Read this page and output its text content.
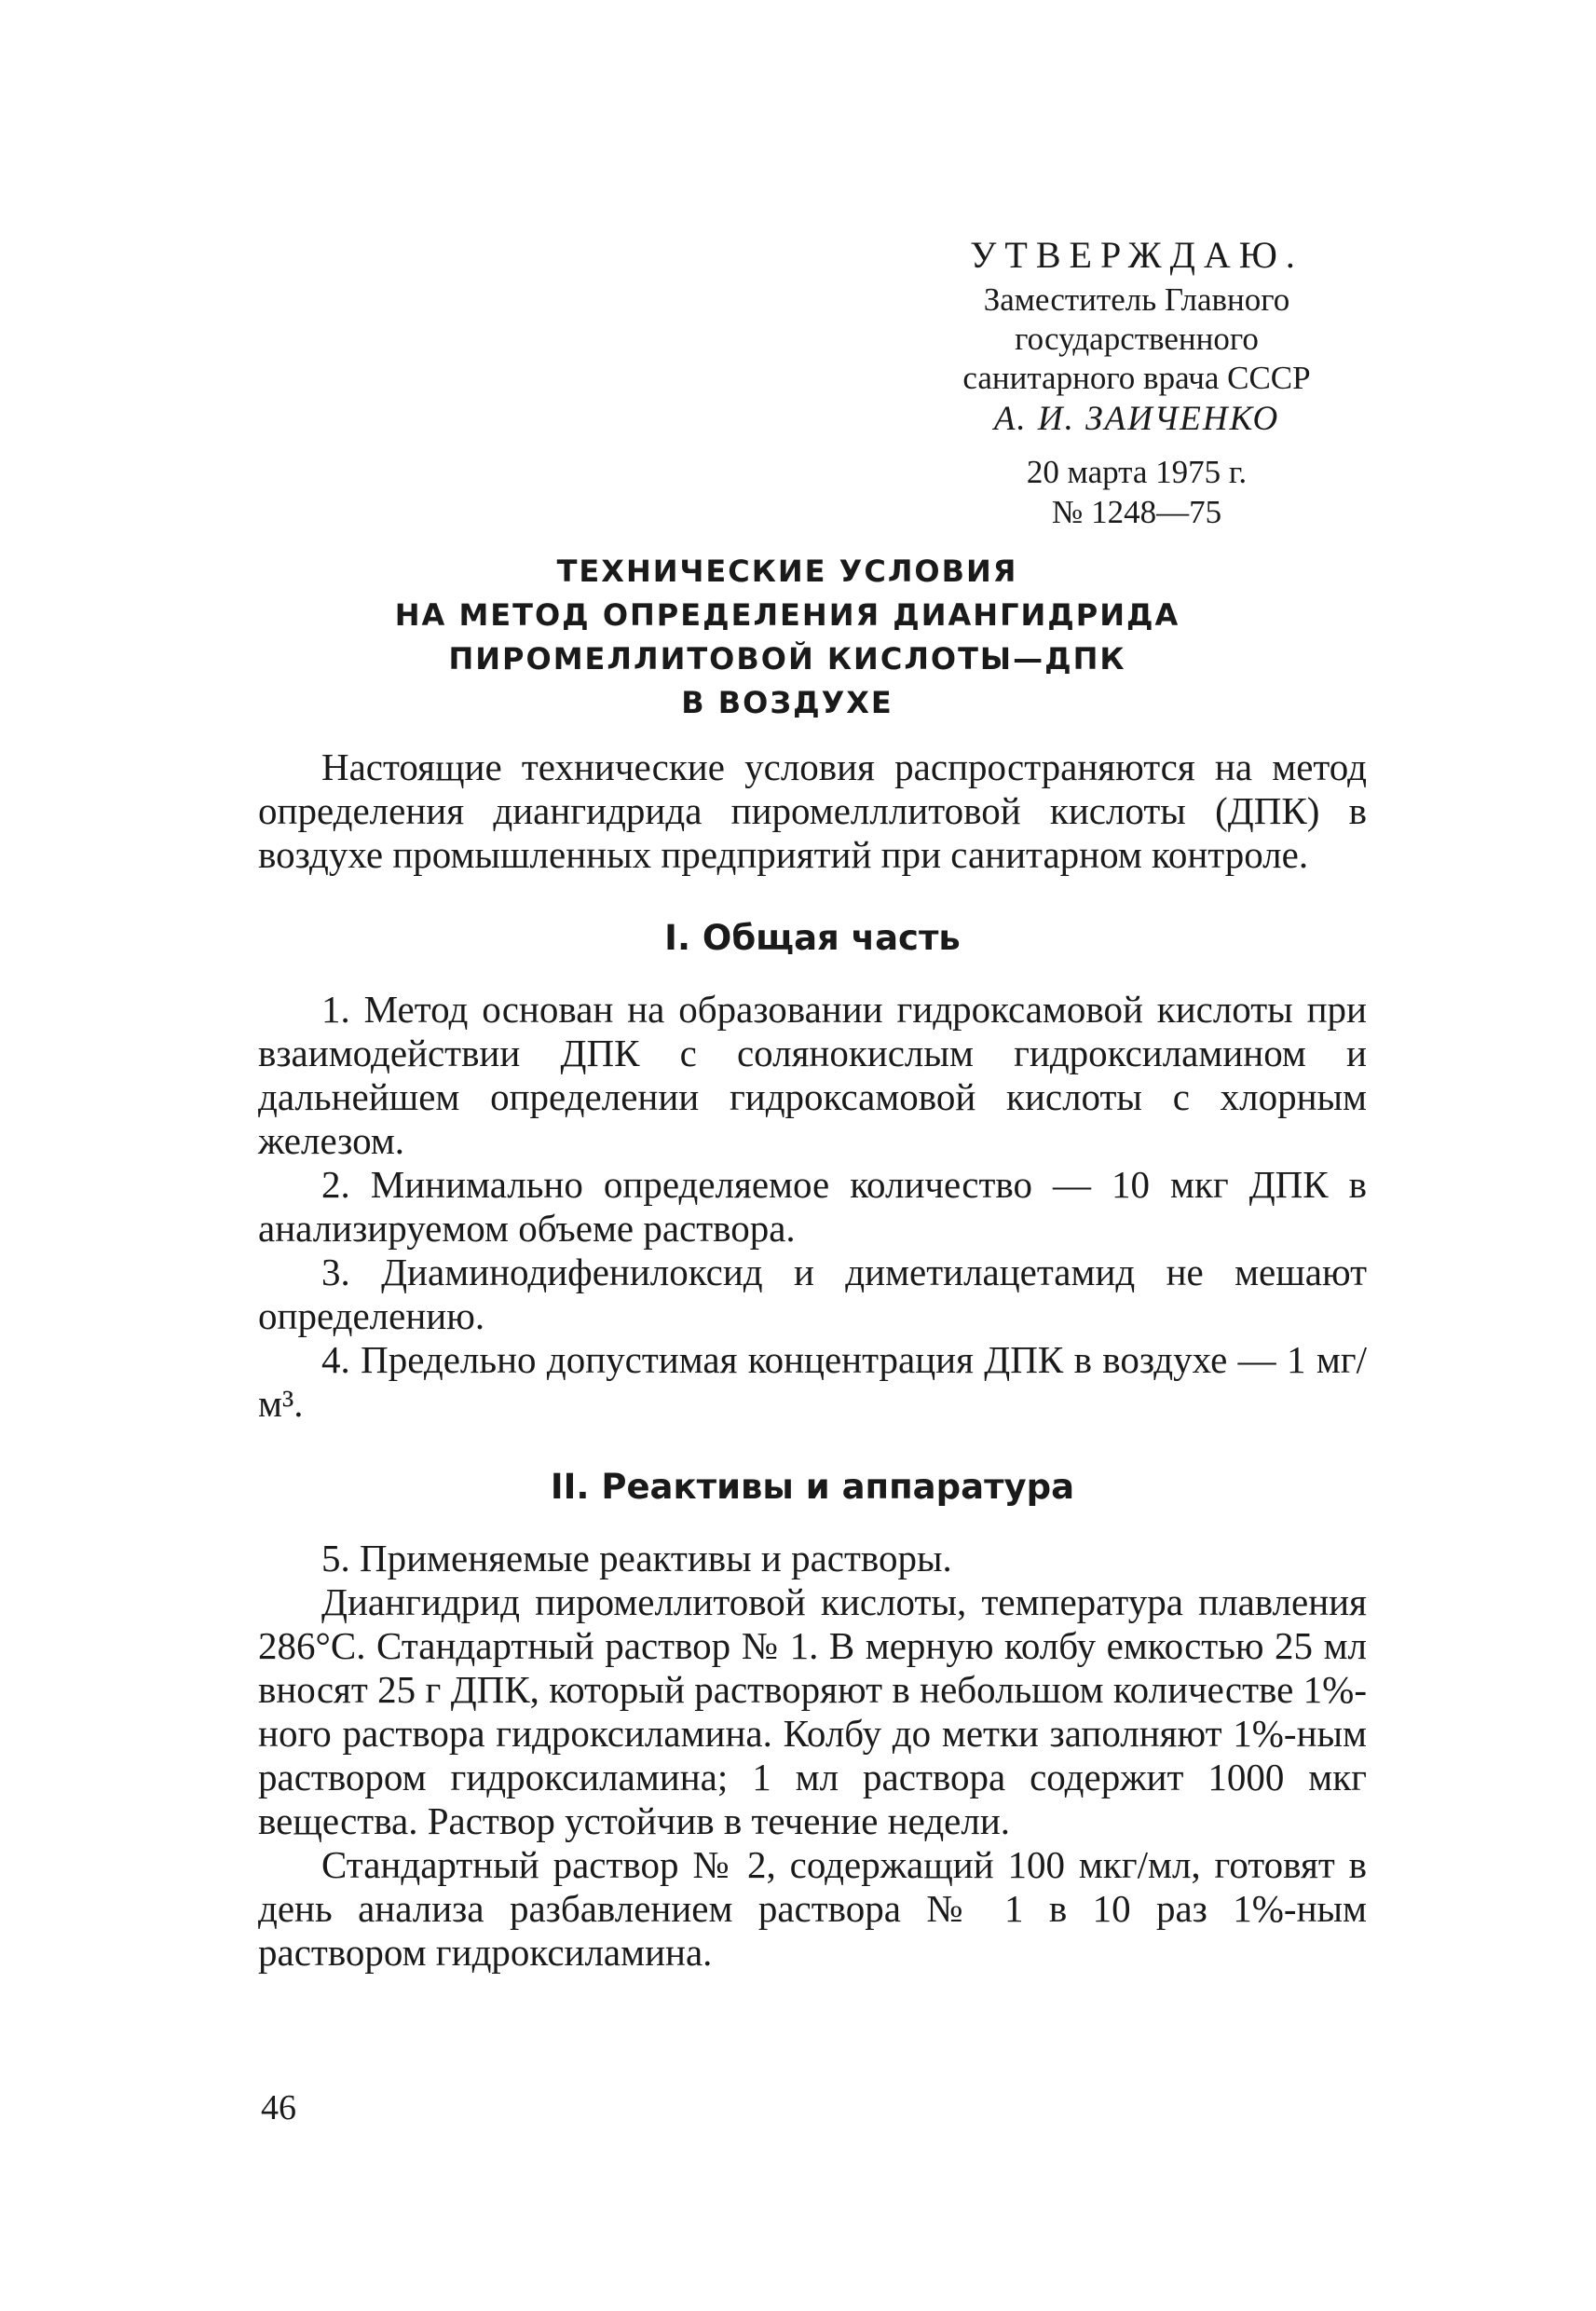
УТВЕРЖДАЮ.
Заместитель Главного
государственного
санитарного врача СССР
А. И. ЗАИЧЕНКО
20 марта 1975 г.
№ 1248—75
ТЕХНИЧЕСКИЕ УСЛОВИЯ
НА МЕТОД ОПРЕДЕЛЕНИЯ ДИАНГИДРИДА
ПИРОМЕЛЛИТОВОЙ КИСЛОТЫ—ДПК
В ВОЗДУХЕ

Настоящие технические условия распространяются на метод определения диангидрида пиромелллитовой кислоты (ДПК) в воздухе промышленных предприятий при санитарном контроле.

I. Общая часть

1. Метод основан на образовании гидроксамовой кислоты при взаимодействии ДПК с солянокислым гидроксиламином и дальнейшем определении гидроксамовой кислоты с хлорным железом.

2. Минимально определяемое количество — 10 мкг ДПК в анализируемом объеме раствора.

3. Диаминодифенилоксид и диметилацетамид не мешают определению.

4. Предельно допустимая концентрация ДПК в воздухе — 1 мг/м³.

II. Реактивы и аппаратура

5. Применяемые реактивы и растворы.

Диангидрид пиромеллитовой кислоты, температура плавления 286°С. Стандартный раствор № 1. В мерную колбу емкостью 25 мл вносят 25 г ДПК, который растворяют в небольшом количестве 1%-ного раствора гидроксиламина. Колбу до метки заполняют 1%-ным раствором гидроксиламина; 1 мл раствора содержит 1000 мкг вещества. Раствор устойчив в течение недели.

Стандартный раствор № 2, содержащий 100 мкг/мл, готовят в день анализа разбавлением раствора № 1 в 10 раз 1%-ным раствором гидроксиламина.

46
